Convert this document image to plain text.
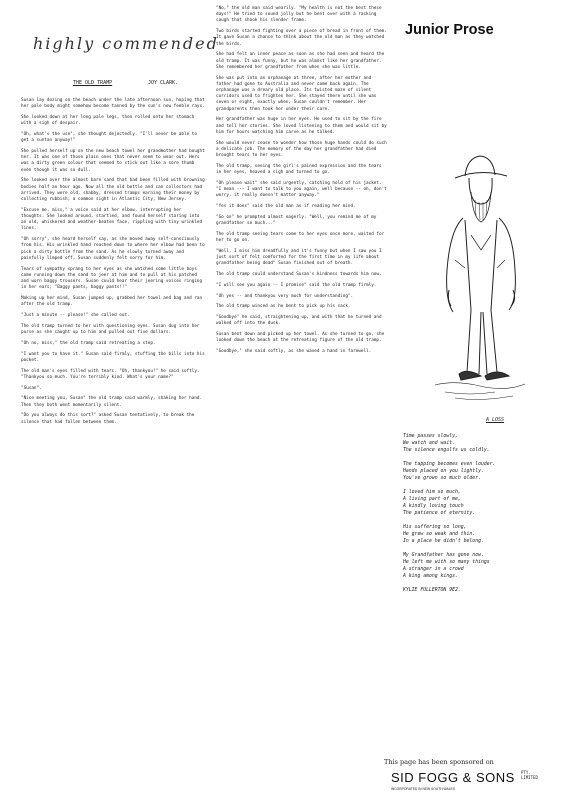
highly commended
Junior Prose
THE OLD TRAMP	JOY CLARK.

Susan lay dozing on the beach under the late afternoon sun, hoping that her pale body might somehow become tanned by the sun's now feeble rays.

She looked down at her long pale legs, then rolled onto her stomach with a sigh of despair.

"Oh, what's the use", she thought dejectedly. "I'll never be able to get a suntan anyway!"

She pulled herself up on the new beach towel her grandmother had bought her. It was one of those plain ones that never seem to wear out. Hers was a dirty green colour that seemed to stick out like a sore thumb even though it was so dull.

She looked over the almost bare sand that had been filled with browning bodies half an hour ago. Now all the old bottle and can collectors had arrived. They were old, shabby, dressed tramps earning their money by collecting rubbish; a common sight in Atlantic City, New Jersey.

"Excuse me, miss," a voice said at her elbow, interrupting her thoughts. She looked around, startled, and found herself staring into an old, whiskered and weather-beaten face, rippling with tiny wrinkled lines.

"Oh sorry", she heard herself say, as she moved away self-consciously from his. His wrinkled hand reached down to where her elbow had been to pick a dirty bottle from the sand. As he slowly turned away and painfully limped off, Susan suddenly felt sorry for him.

Tears of sympathy sprang to her eyes as she watched some little boys come running down the sand to jeer at him and to pull at his patched and worn baggy trousers. Susan could hear their jeering voices ringing in her ears; "Baggy pants, baggy pants!!"

Making up her mind, Susan jumped up, grabbed her towel and bag and ran after the old tramp.

"Just a minute -- please!" she called out.

The old tramp turned to her with questioning eyes. Susan dug into her purse as she caught up to him and pulled out five dollars.

"Oh no, miss," the old tramp said retreating a step.

"I want you to have it." Susan said firmly, stuffing the bills into his pocket.

The old man's eyes filled with tears. "Oh, thankyou!" he said softly. "Thankyou so much. You're terribly kind. What's your name?"

"Susan".

"Nice meeting you, Susan" the old tramp said warmly, shaking her hand. Then they both went momentarily silent.

"Do you always do this sort?" asked Susan tentatively, to break the silence that had fallen between them.

"No," the old man said wearily. "My health is not the best these days!" He tried to sound jolly but he bent over with a racking cough that shook his slender frame.

Two birds started fighting over a piece of bread in front of them. It gave Susan a chance to think about the old man as they watched the birds.

She had felt an inner peace as soon as she had seen and heard the old tramp. It was funny, but he was almost like her grandfather. She remembered her grandfather from when she was little.

She was put into an orphanage at three, after her mother and father had gone to Australia and never came back again. The orphanage was a dreary old place. Its twisted maze of silent corridors used to frighten her. She stayed there until she was seven or eight, exactly when, Susan couldn't remember. Her grandparents then took her under their care.

Her grandfather was huge in her eyes. He used to sit by the fire and tell her stories. She loved listening to them and would sit by him for hours watching him carve as he talked.

She would never cease to wonder how those huge hands could do such a delicate job. The memory of the day her grandfather had died brought tears to her eyes.

The old tramp, seeing the girl's pained expression and the tears in her eyes, heaved a sigh and turned to go.

"Oh please wait" she said urgently, catching hold of his jacket. "I mean --- I want to talk to you again, well because -- oh, don't worry, it really doesn't matter anyway."

"Yes it does" said the old man as if reading her mind.

"Go on" he prompted almost eagerly. "Well, you remind me of my grandfather so much..."

The old tramp seeing tears come to her eyes once more, waited for her to go on.

"Well, I miss him dreadfully and it's funny but when I saw you I just sort of felt comforted for the first time in my life about grandfather being dead" Susan finished out of breath.

The old tramp could understand Susan's kindness towards him now.

"I will see you again -- I promise" said the old tramp firmly.

"Oh yes -- and thankyou very much for understanding".

The old tramp winced as he bent to pick up his sack.

"Goodbye" he said, straightening up, and with that he turned and walked off into the dusk.

Susan bent down and picked up her towel. As she turned to go, she looked down the beach at the retreating figure of the old tramp.

"Goodbye," she said softly, as she waved a hand in farewell.

A LOSS

Time passes slowly,
We watch and wait.
The silence engulfs us coldly.

The tapping becomes even louder.
Hands placed on you lightly.
You've grown so much older.

I loved him so much,
A living part of me,
A kindly loving touch
The patience of eternity.

His suffering so long,
He grew so weak and thin.
In a place he didn't belong.

My Grandfather has gone now.
He left me with so many things
A stranger in a crowd
A king among kings.

KYLIE FULLERTON 9E2.
This page has been sponsored on
SID FOGG & SONS PTY. LIMITED
INCORPORATED IN NEW SOUTH WALES
